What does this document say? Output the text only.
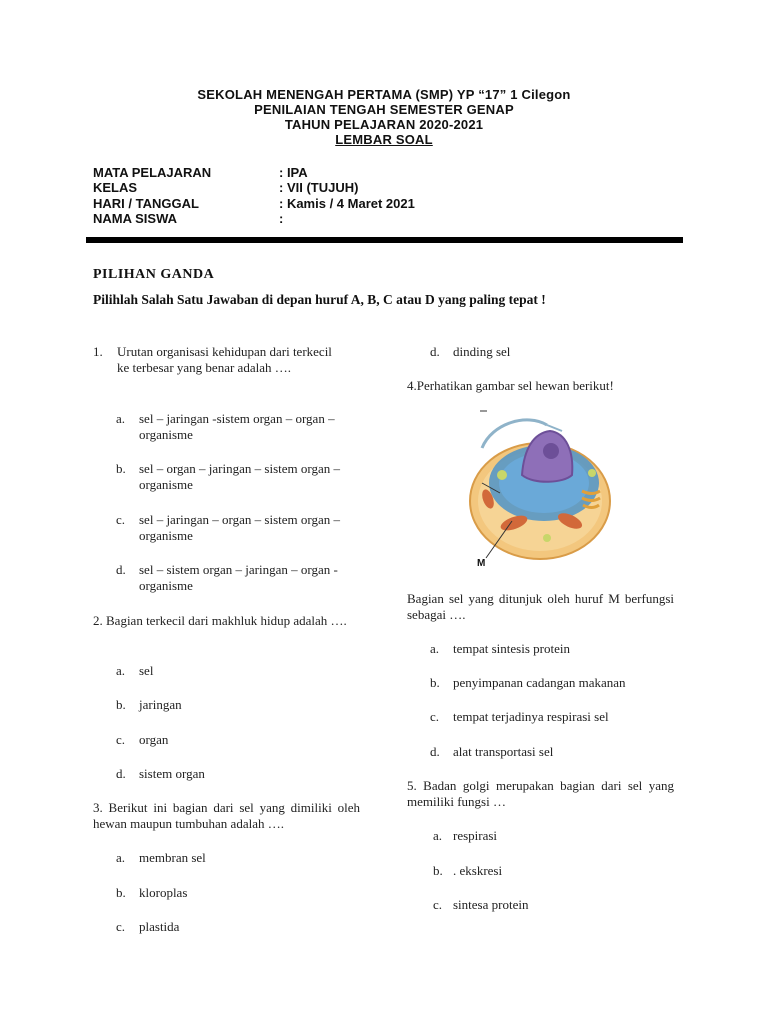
SEKOLAH MENENGAH PERTAMA (SMP) YP “17” 1 Cilegon
PENILAIAN TENGAH SEMESTER GENAP
TAHUN PELAJARAN 2020-2021
LEMBAR SOAL
MATA PELAJARAN	: IPA
KELAS	: VII (TUJUH)
HARI / TANGGAL	: Kamis / 4 Maret 2021
NAMA SISWA	:
PILIHAN GANDA
Pilihlah Salah Satu Jawaban di depan huruf A, B, C atau D yang paling tepat !
1. Urutan organisasi kehidupan dari terkecil ke terbesar yang benar adalah ….
a. sel – jaringan -sistem organ – organ – organisme
b. sel – organ – jaringan – sistem organ – organisme
c. sel – jaringan – organ – sistem organ – organisme
d. sel – sistem organ – jaringan – organ -organisme
2. Bagian terkecil dari makhluk hidup adalah ….
a. sel
b. jaringan
c. organ
d. sistem organ
3. Berikut ini bagian dari sel yang dimiliki oleh hewan maupun tumbuhan adalah ….
a. membran sel
b. kloroplas
c. plastida
d. dinding sel
4.Perhatikan gambar sel hewan berikut!
M
Bagian sel yang ditunjuk oleh huruf M berfungsi sebagai ….
a. tempat sintesis protein
b. penyimpanan cadangan makanan
c. tempat terjadinya respirasi sel
d. alat transportasi sel
5. Badan golgi merupakan bagian dari sel yang memiliki fungsi …
a. respirasi
b. . ekskresi
c. sintesa protein
